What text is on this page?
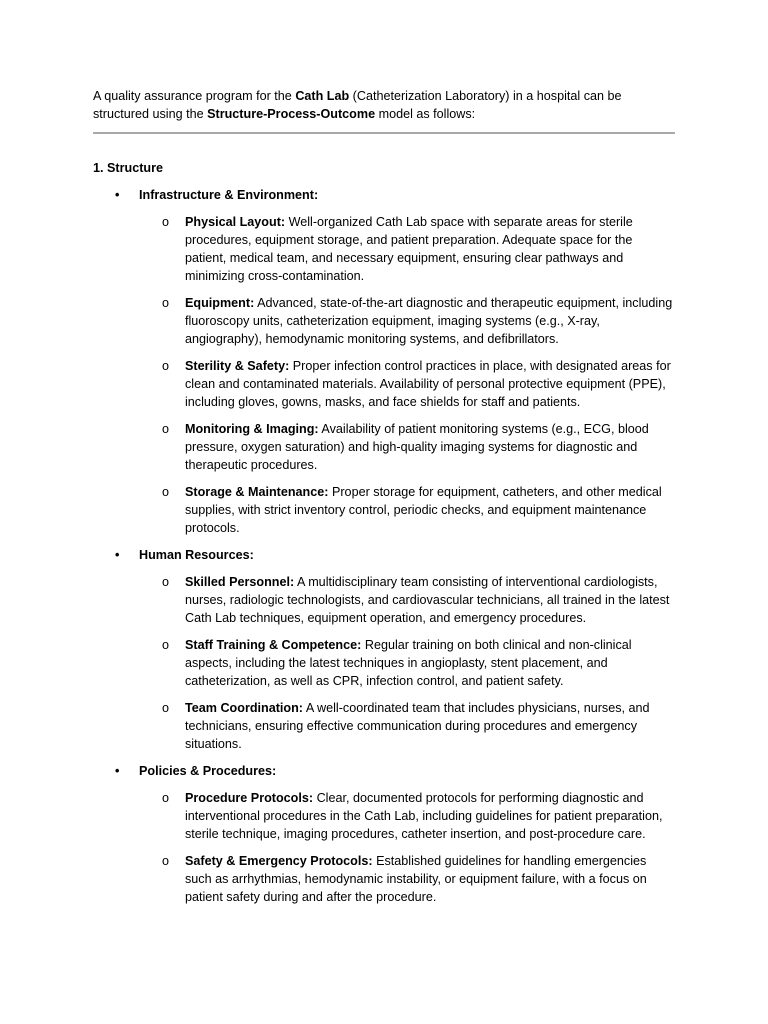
A quality assurance program for the Cath Lab (Catheterization Laboratory) in a hospital can be structured using the Structure-Process-Outcome model as follows:

1. Structure
• Infrastructure & Environment:
o Physical Layout: Well-organized Cath Lab space with separate areas for sterile procedures, equipment storage, and patient preparation. Adequate space for the patient, medical team, and necessary equipment, ensuring clear pathways and minimizing cross-contamination.
o Equipment: Advanced, state-of-the-art diagnostic and therapeutic equipment, including fluoroscopy units, catheterization equipment, imaging systems (e.g., X-ray, angiography), hemodynamic monitoring systems, and defibrillators.
o Sterility & Safety: Proper infection control practices in place, with designated areas for clean and contaminated materials. Availability of personal protective equipment (PPE), including gloves, gowns, masks, and face shields for staff and patients.
o Monitoring & Imaging: Availability of patient monitoring systems (e.g., ECG, blood pressure, oxygen saturation) and high-quality imaging systems for diagnostic and therapeutic procedures.
o Storage & Maintenance: Proper storage for equipment, catheters, and other medical supplies, with strict inventory control, periodic checks, and equipment maintenance protocols.
• Human Resources:
o Skilled Personnel: A multidisciplinary team consisting of interventional cardiologists, nurses, radiologic technologists, and cardiovascular technicians, all trained in the latest Cath Lab techniques, equipment operation, and emergency procedures.
o Staff Training & Competence: Regular training on both clinical and non-clinical aspects, including the latest techniques in angioplasty, stent placement, and catheterization, as well as CPR, infection control, and patient safety.
o Team Coordination: A well-coordinated team that includes physicians, nurses, and technicians, ensuring effective communication during procedures and emergency situations.
• Policies & Procedures:
o Procedure Protocols: Clear, documented protocols for performing diagnostic and interventional procedures in the Cath Lab, including guidelines for patient preparation, sterile technique, imaging procedures, catheter insertion, and post-procedure care.
o Safety & Emergency Protocols: Established guidelines for handling emergencies such as arrhythmias, hemodynamic instability, or equipment failure, with a focus on patient safety during and after the procedure.
